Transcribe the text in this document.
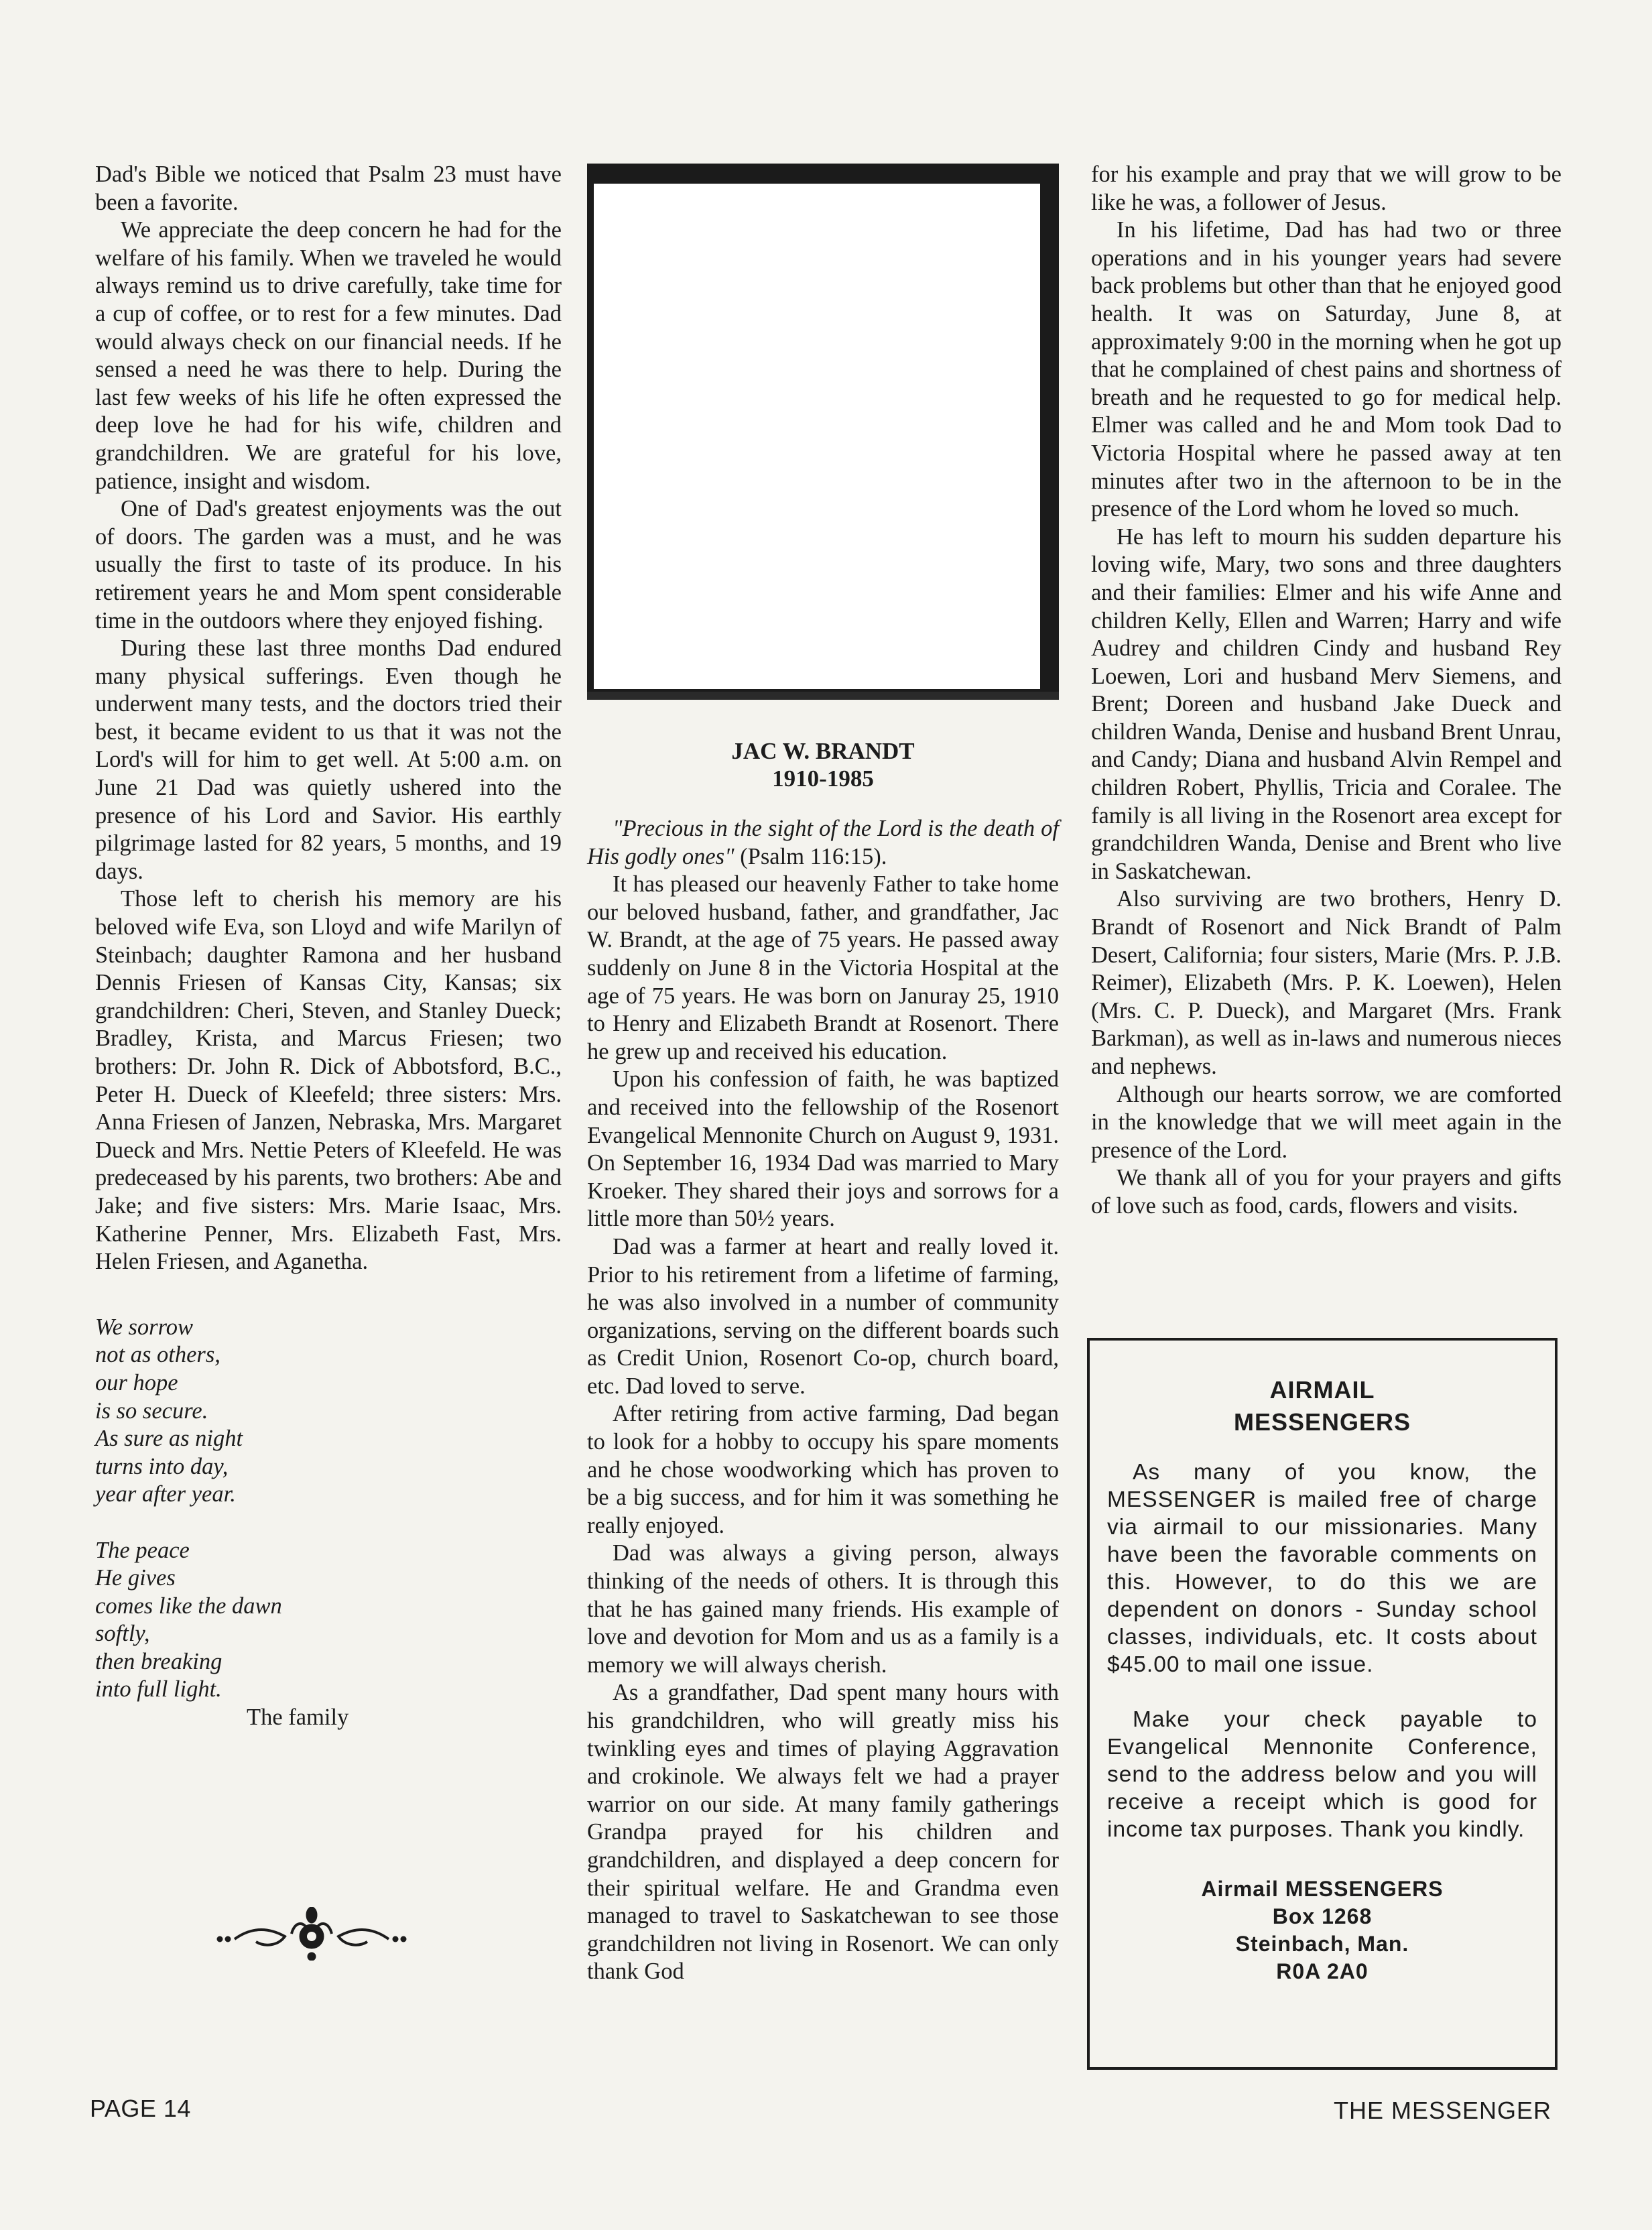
Dad's Bible we noticed that Psalm 23 must have been a favorite.

We appreciate the deep concern he had for the welfare of his family. When we traveled he would always remind us to drive carefully, take time for a cup of coffee, or to rest for a few minutes. Dad would always check on our financial needs. If he sensed a need he was there to help. During the last few weeks of his life he often expressed the deep love he had for his wife, children and grandchildren. We are grateful for his love, patience, insight and wisdom.

One of Dad's greatest enjoyments was the out of doors. The garden was a must, and he was usually the first to taste of its produce. In his retirement years he and Mom spent considerable time in the outdoors where they enjoyed fishing.

During these last three months Dad endured many physical sufferings. Even though he underwent many tests, and the doctors tried their best, it became evident to us that it was not the Lord's will for him to get well. At 5:00 a.m. on June 21 Dad was quietly ushered into the presence of his Lord and Savior. His earthly pilgrimage lasted for 82 years, 5 months, and 19 days.

Those left to cherish his memory are his beloved wife Eva, son Lloyd and wife Marilyn of Steinbach; daughter Ramona and her husband Dennis Friesen of Kansas City, Kansas; six grandchildren: Cheri, Steven, and Stanley Dueck; Bradley, Krista, and Marcus Friesen; two brothers: Dr. John R. Dick of Abbotsford, B.C., Peter H. Dueck of Kleefeld; three sisters: Mrs. Anna Friesen of Janzen, Nebraska, Mrs. Margaret Dueck and Mrs. Nettie Peters of Kleefeld. He was predeceased by his parents, two brothers: Abe and Jake; and five sisters: Mrs. Marie Isaac, Mrs. Katherine Penner, Mrs. Elizabeth Fast, Mrs. Helen Friesen, and Aganetha.

We sorrow
not as others,
our hope
is so secure.
As sure as night
turns into day,
year after year.
The peace
He gives
comes like the dawn
softly,
then breaking
into full light.
The family
JAC W. BRANDT
1910-1985

"Precious in the sight of the Lord is the death of His godly ones" (Psalm 116:15).

It has pleased our heavenly Father to take home our beloved husband, father, and grandfather, Jac W. Brandt, at the age of 75 years. He passed away suddenly on June 8 in the Victoria Hospital at the age of 75 years. He was born on Januray 25, 1910 to Henry and Elizabeth Brandt at Rosenort. There he grew up and received his education.

Upon his confession of faith, he was baptized and received into the fellowship of the Rosenort Evangelical Mennonite Church on August 9, 1931. On September 16, 1934 Dad was married to Mary Kroeker. They shared their joys and sorrows for a little more than 50½ years.

Dad was a farmer at heart and really loved it. Prior to his retirement from a lifetime of farming, he was also involved in a number of community organizations, serving on the different boards such as Credit Union, Rosenort Co-op, church board, etc. Dad loved to serve.

After retiring from active farming, Dad began to look for a hobby to occupy his spare moments and he chose woodworking which has proven to be a big success, and for him it was something he really enjoyed.

Dad was always a giving person, always thinking of the needs of others. It is through this that he has gained many friends. His example of love and devotion for Mom and us as a family is a memory we will always cherish.

As a grandfather, Dad spent many hours with his grandchildren, who will greatly miss his twinkling eyes and times of playing Aggravation and crokinole. We always felt we had a prayer warrior on our side. At many family gatherings Grandpa prayed for his children and grandchildren, and displayed a deep concern for their spiritual welfare. He and Grandma even managed to travel to Saskatchewan to see those grandchildren not living in Rosenort. We can only thank God

for his example and pray that we will grow to be like he was, a follower of Jesus.

In his lifetime, Dad has had two or three operations and in his younger years had severe back problems but other than that he enjoyed good health. It was on Saturday, June 8, at approximately 9:00 in the morning when he got up that he complained of chest pains and shortness of breath and he requested to go for medical help. Elmer was called and he and Mom took Dad to Victoria Hospital where he passed away at ten minutes after two in the afternoon to be in the presence of the Lord whom he loved so much.

He has left to mourn his sudden departure his loving wife, Mary, two sons and three daughters and their families: Elmer and his wife Anne and children Kelly, Ellen and Warren; Harry and wife Audrey and children Cindy and husband Rey Loewen, Lori and husband Merv Siemens, and Brent; Doreen and husband Jake Dueck and children Wanda, Denise and husband Brent Unrau, and Candy; Diana and husband Alvin Rempel and children Robert, Phyllis, Tricia and Coralee. The family is all living in the Rosenort area except for grandchildren Wanda, Denise and Brent who live in Saskatchewan.

Also surviving are two brothers, Henry D. Brandt of Rosenort and Nick Brandt of Palm Desert, California; four sisters, Marie (Mrs. P. J.B. Reimer), Elizabeth (Mrs. P. K. Loewen), Helen (Mrs. C. P. Dueck), and Margaret (Mrs. Frank Barkman), as well as in-laws and numerous nieces and nephews.

Although our hearts sorrow, we are comforted in the knowledge that we will meet again in the presence of the Lord.

We thank all of you for your prayers and gifts of love such as food, cards, flowers and visits.

AIRMAIL
MESSENGERS

As many of you know, the MESSENGER is mailed free of charge via airmail to our missionaries. Many have been the favorable comments on this. However, to do this we are dependent on donors - Sunday school classes, individuals, etc. It costs about $45.00 to mail one issue.

Make your check payable to Evangelical Mennonite Conference, send to the address below and you will receive a receipt which is good for income tax purposes. Thank you kindly.

Airmail MESSENGERS
Box 1268
Steinbach, Man.
R0A 2A0
PAGE 14	THE MESSENGER
